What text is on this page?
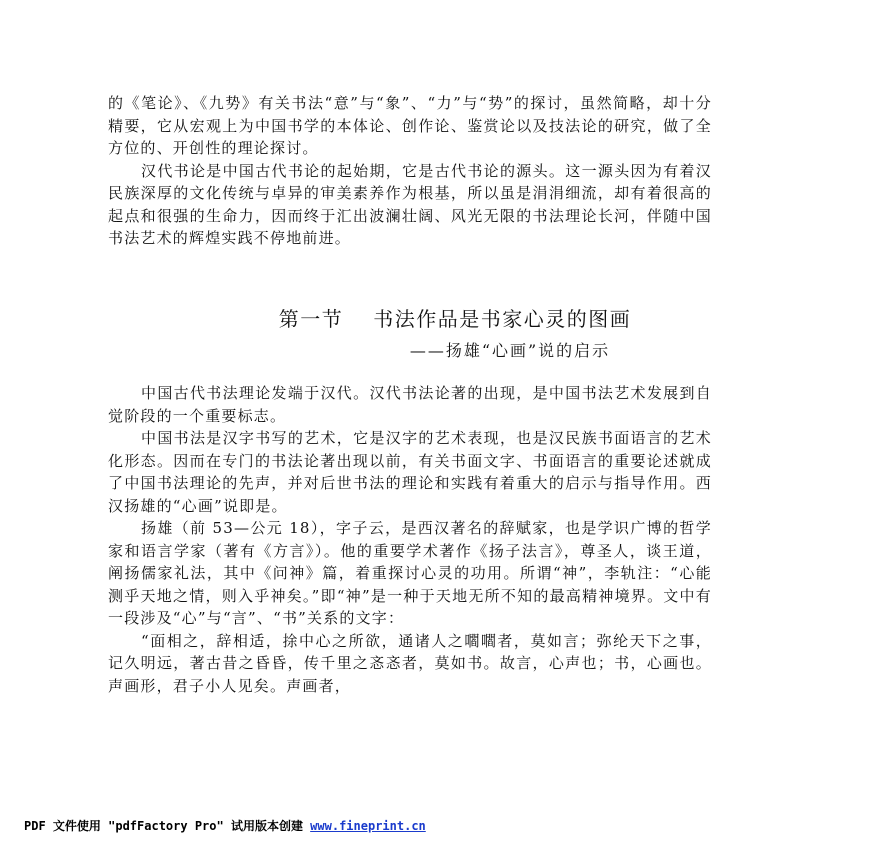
的《笔论》、《九势》有关书法“意”与“象”、“力”与“势”的探讨，虽然简略，却十分精要，它从宏观上为中国书学的本体论、创作论、鉴赏论以及技法论的研究，做了全方位的、开创性的理论探讨。

汉代书论是中国古代书论的起始期，它是古代书论的源头。这一源头因为有着汉民族深厚的文化传统与卓异的审美素养作为根基，所以虽是涓涓细流，却有着很高的起点和很强的生命力，因而终于汇出波澜壮阔、风光无限的书法理论长河，伴随中国书法艺术的辉煌实践不停地前进。

第一节 书法作品是书家心灵的图画

——扬雄“心画”说的启示

中国古代书法理论发端于汉代。汉代书法论著的出现，是中国书法艺术发展到自觉阶段的一个重要标志。

中国书法是汉字书写的艺术，它是汉字的艺术表现，也是汉民族书面语言的艺术化形态。因而在专门的书法论著出现以前，有关书面文字、书面语言的重要论述就成了中国书法理论的先声，并对后世书法的理论和实践有着重大的启示与指导作用。西汉扬雄的“心画”说即是。

扬雄（前 53—公元 18），字子云，是西汉著名的辞赋家，也是学识广博的哲学家和语言学家（著有《方言》）。他的重要学术著作《扬子法言》，尊圣人，谈王道，阐扬儒家礼法，其中《问神》篇，着重探讨心灵的功用。所谓“神”，李轨注：“心能测乎天地之情，则入乎神矣。”即“神”是一种于天地无所不知的最高精神境界。文中有一段涉及“心”与“言”、“书”关系的文字：

“面相之，辞相适，捈中心之所欲，通诸人之嚪嚪者，莫如言；弥纶天下之事，记久明远，著古昔之昏昏，传千里之忞忞者，莫如书。故言，心声也；书，心画也。声画形，君子小人见矣。声画者，

PDF 文件使用 "pdfFactory Pro" 试用版本创建 www.fineprint.cn
